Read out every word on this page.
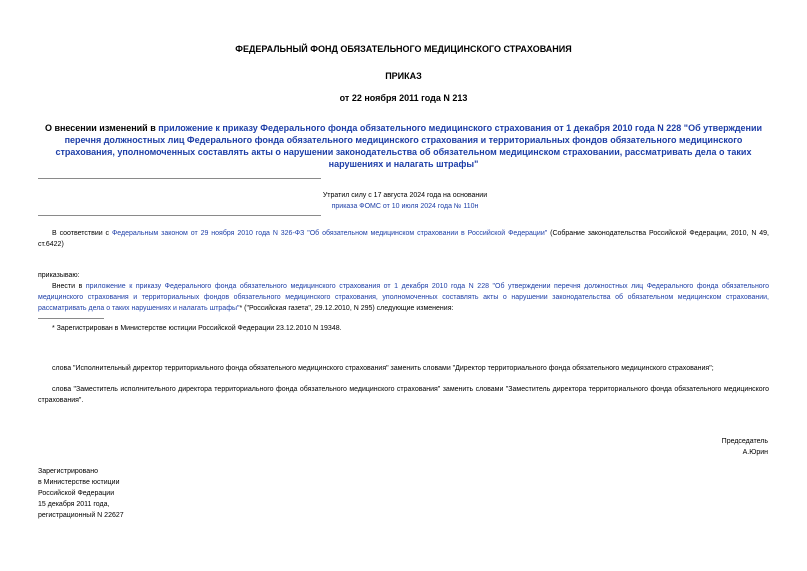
ФЕДЕРАЛЬНЫЙ ФОНД ОБЯЗАТЕЛЬНОГО МЕДИЦИНСКОГО СТРАХОВАНИЯ
ПРИКАЗ
от 22 ноября 2011 года N 213
О внесении изменений в приложение к приказу Федерального фонда обязательного медицинского страхования от 1 декабря 2010 года N 228 "Об утверждении перечня должностных лиц Федерального фонда обязательного медицинского страхования и территориальных фондов обязательного медицинского страхования, уполномоченных составлять акты о нарушении законодательства об обязательном медицинском страховании, рассматривать дела о таких нарушениях и налагать штрафы"
Утратил силу с 17 августа 2024 года на основании
приказа ФОМС от 10 июля 2024 года № 110н
В соответствии с Федеральным законом от 29 ноября 2010 года N 326-ФЗ "Об обязательном медицинском страховании в Российской Федерации" (Собрание законодательства Российской Федерации, 2010, N 49, ст.6422)
приказываю:
Внести в приложение к приказу Федерального фонда обязательного медицинского страхования от 1 декабря 2010 года N 228 "Об утверждении перечня должностных лиц Федерального фонда обязательного медицинского страхования и территориальных фондов обязательного медицинского страхования, уполномоченных составлять акты о нарушении законодательства об обязательном медицинском страховании, рассматривать дела о таких нарушениях и налагать штрафы"* ("Российская газета", 29.12.2010, N 295) следующие изменения:
* Зарегистрирован в Министерстве юстиции Российской Федерации 23.12.2010 N 19348.
слова "Исполнительный директор территориального фонда обязательного медицинского страхования" заменить словами "Директор территориального фонда обязательного медицинского страхования";
слова "Заместитель исполнительного директора территориального фонда обязательного медицинского страхования" заменить словами "Заместитель директора территориального фонда обязательного медицинского страхования".
Председатель
А.Юрин
Зарегистрировано
в Министерстве юстиции
Российской Федерации
15 декабря 2011 года,
регистрационный N 22627
